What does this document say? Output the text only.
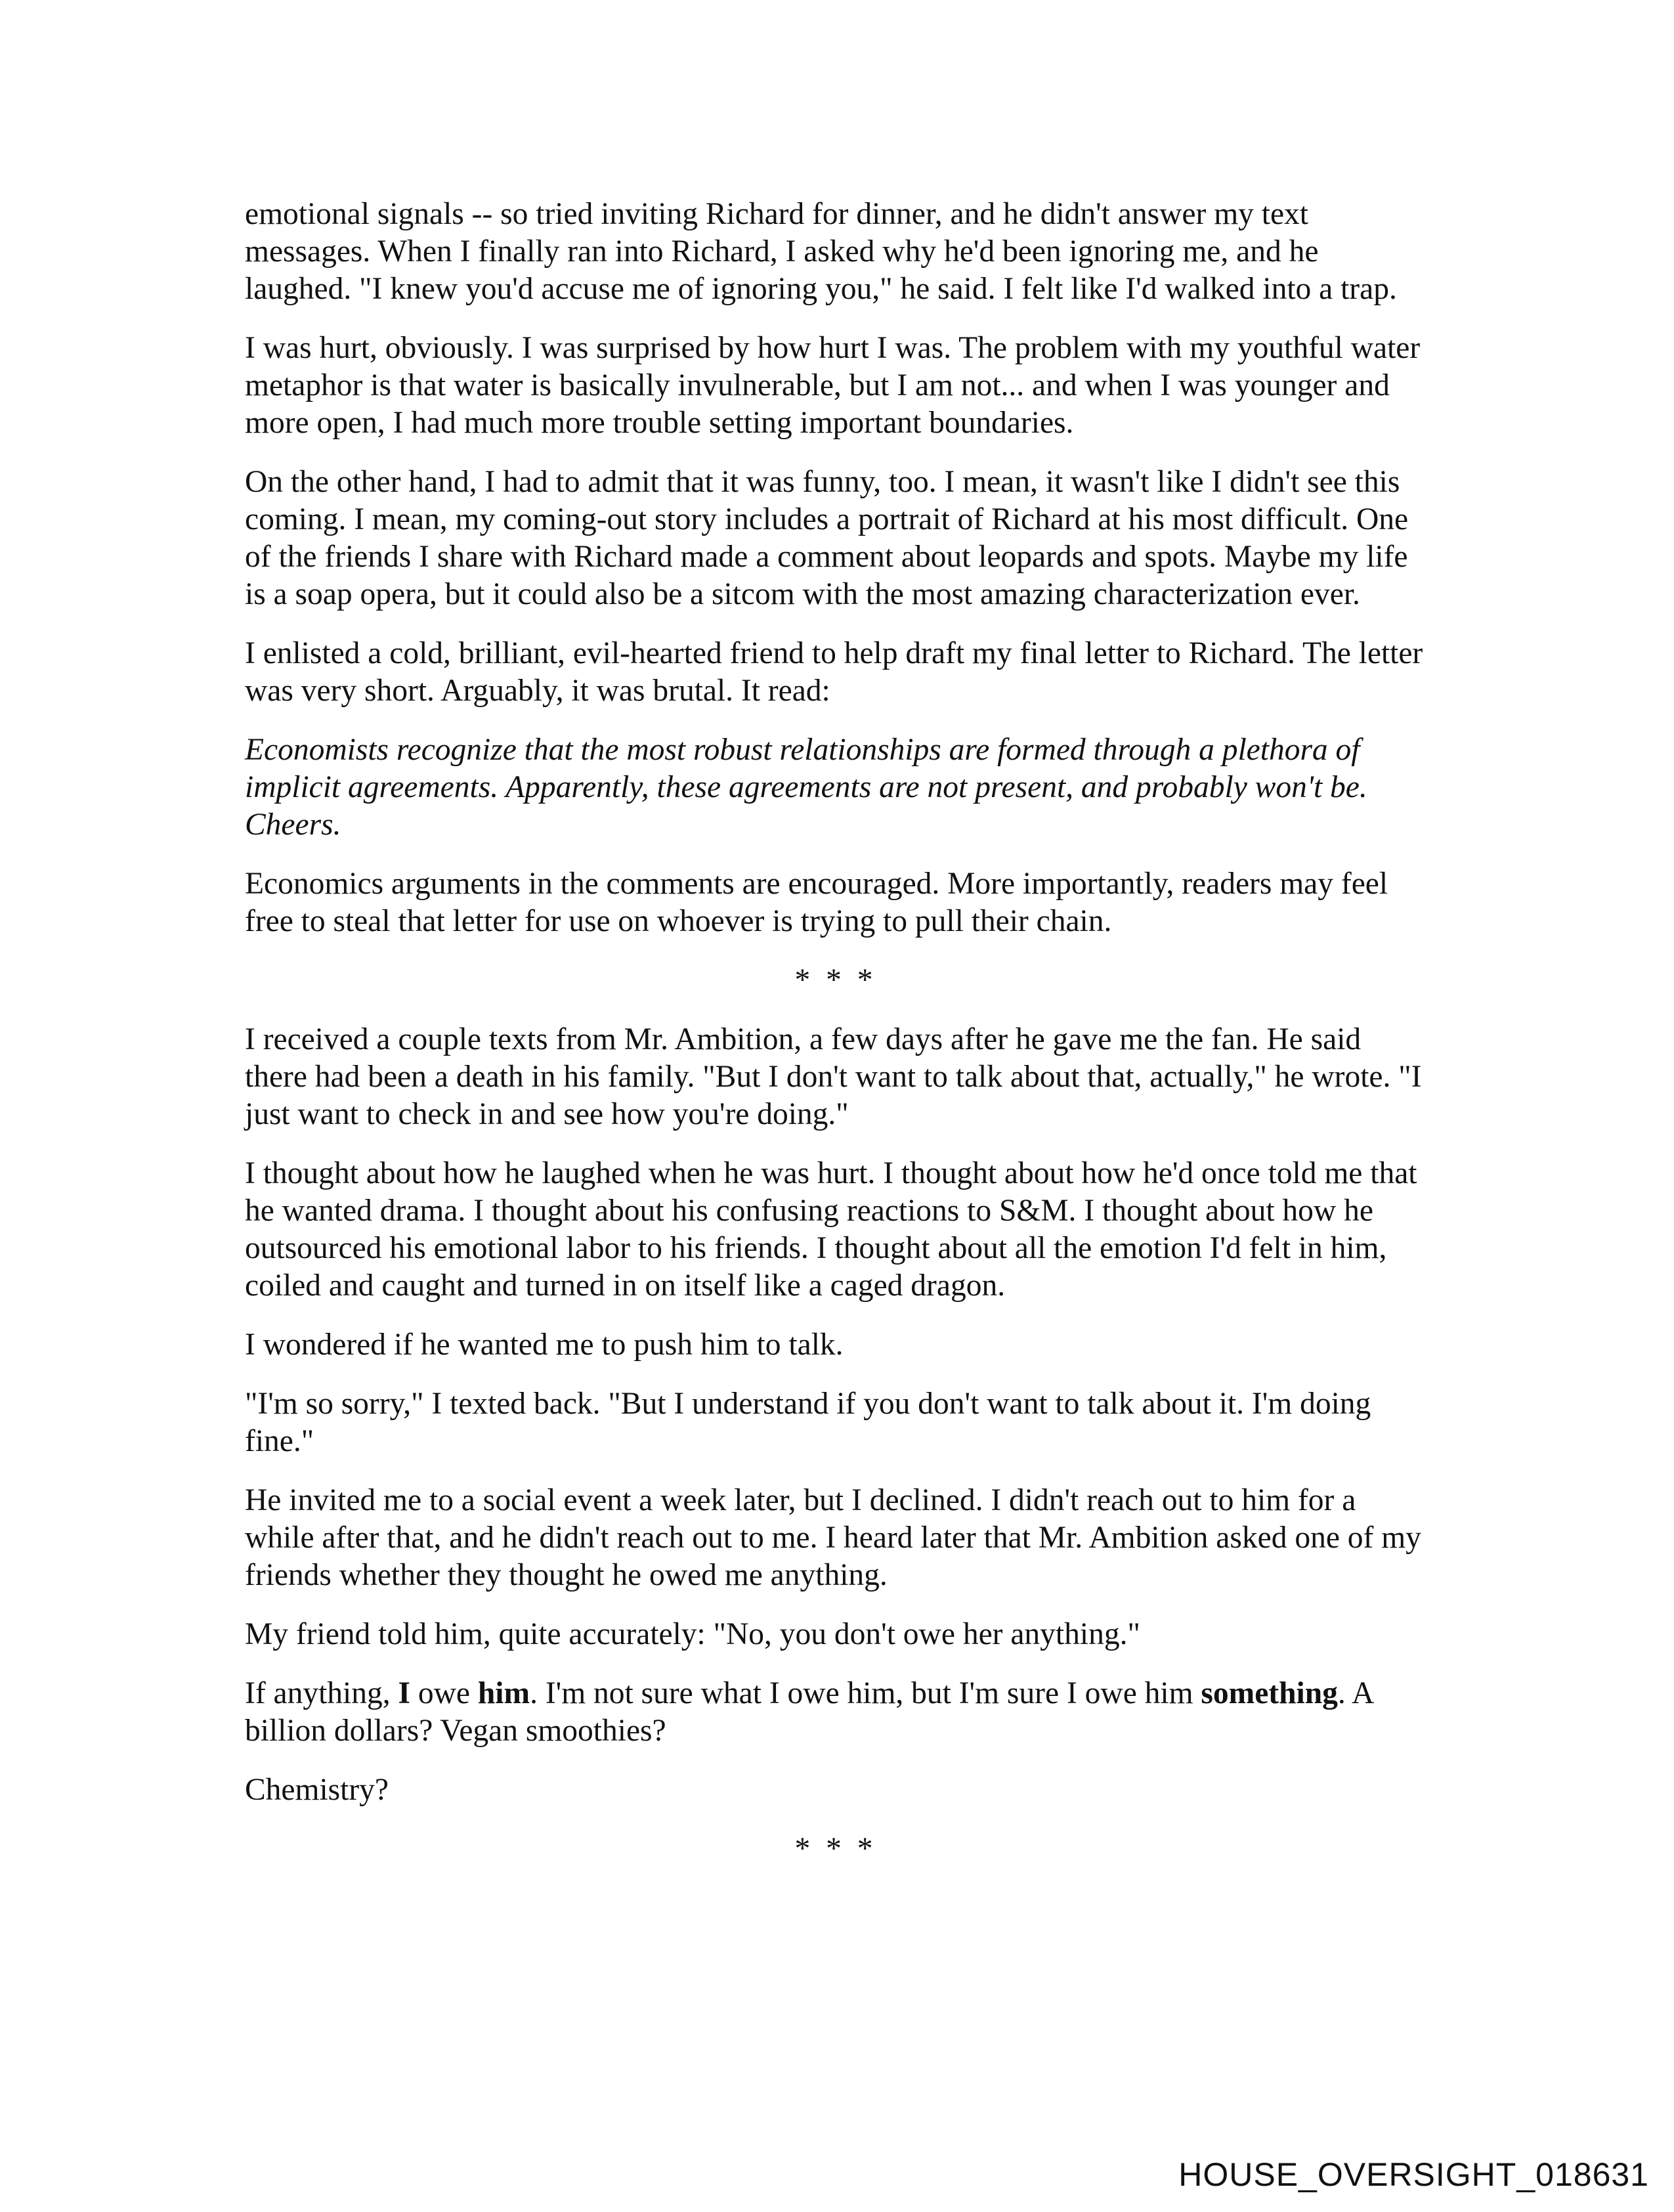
emotional signals -- so tried inviting Richard for dinner, and he didn't answer my text messages. When I finally ran into Richard, I asked why he'd been ignoring me, and he laughed. "I knew you'd accuse me of ignoring you," he said. I felt like I'd walked into a trap.

I was hurt, obviously. I was surprised by how hurt I was. The problem with my youthful water metaphor is that water is basically invulnerable, but I am not... and when I was younger and more open, I had much more trouble setting important boundaries.

On the other hand, I had to admit that it was funny, too. I mean, it wasn't like I didn't see this coming. I mean, my coming-out story includes a portrait of Richard at his most difficult. One of the friends I share with Richard made a comment about leopards and spots. Maybe my life is a soap opera, but it could also be a sitcom with the most amazing characterization ever.

I enlisted a cold, brilliant, evil-hearted friend to help draft my final letter to Richard. The letter was very short. Arguably, it was brutal. It read:

Economists recognize that the most robust relationships are formed through a plethora of implicit agreements. Apparently, these agreements are not present, and probably won't be. Cheers.

Economics arguments in the comments are encouraged. More importantly, readers may feel free to steal that letter for use on whoever is trying to pull their chain.

* * *

I received a couple texts from Mr. Ambition, a few days after he gave me the fan. He said there had been a death in his family. "But I don't want to talk about that, actually," he wrote. "I just want to check in and see how you're doing."

I thought about how he laughed when he was hurt. I thought about how he'd once told me that he wanted drama. I thought about his confusing reactions to S&M. I thought about how he outsourced his emotional labor to his friends. I thought about all the emotion I'd felt in him, coiled and caught and turned in on itself like a caged dragon.

I wondered if he wanted me to push him to talk.

"I'm so sorry," I texted back. "But I understand if you don't want to talk about it. I'm doing fine."

He invited me to a social event a week later, but I declined. I didn't reach out to him for a while after that, and he didn't reach out to me. I heard later that Mr. Ambition asked one of my friends whether they thought he owed me anything.

My friend told him, quite accurately: "No, you don't owe her anything."

If anything, I owe him. I'm not sure what I owe him, but I'm sure I owe him something. A billion dollars? Vegan smoothies?

Chemistry?

* * *
HOUSE_OVERSIGHT_018631
